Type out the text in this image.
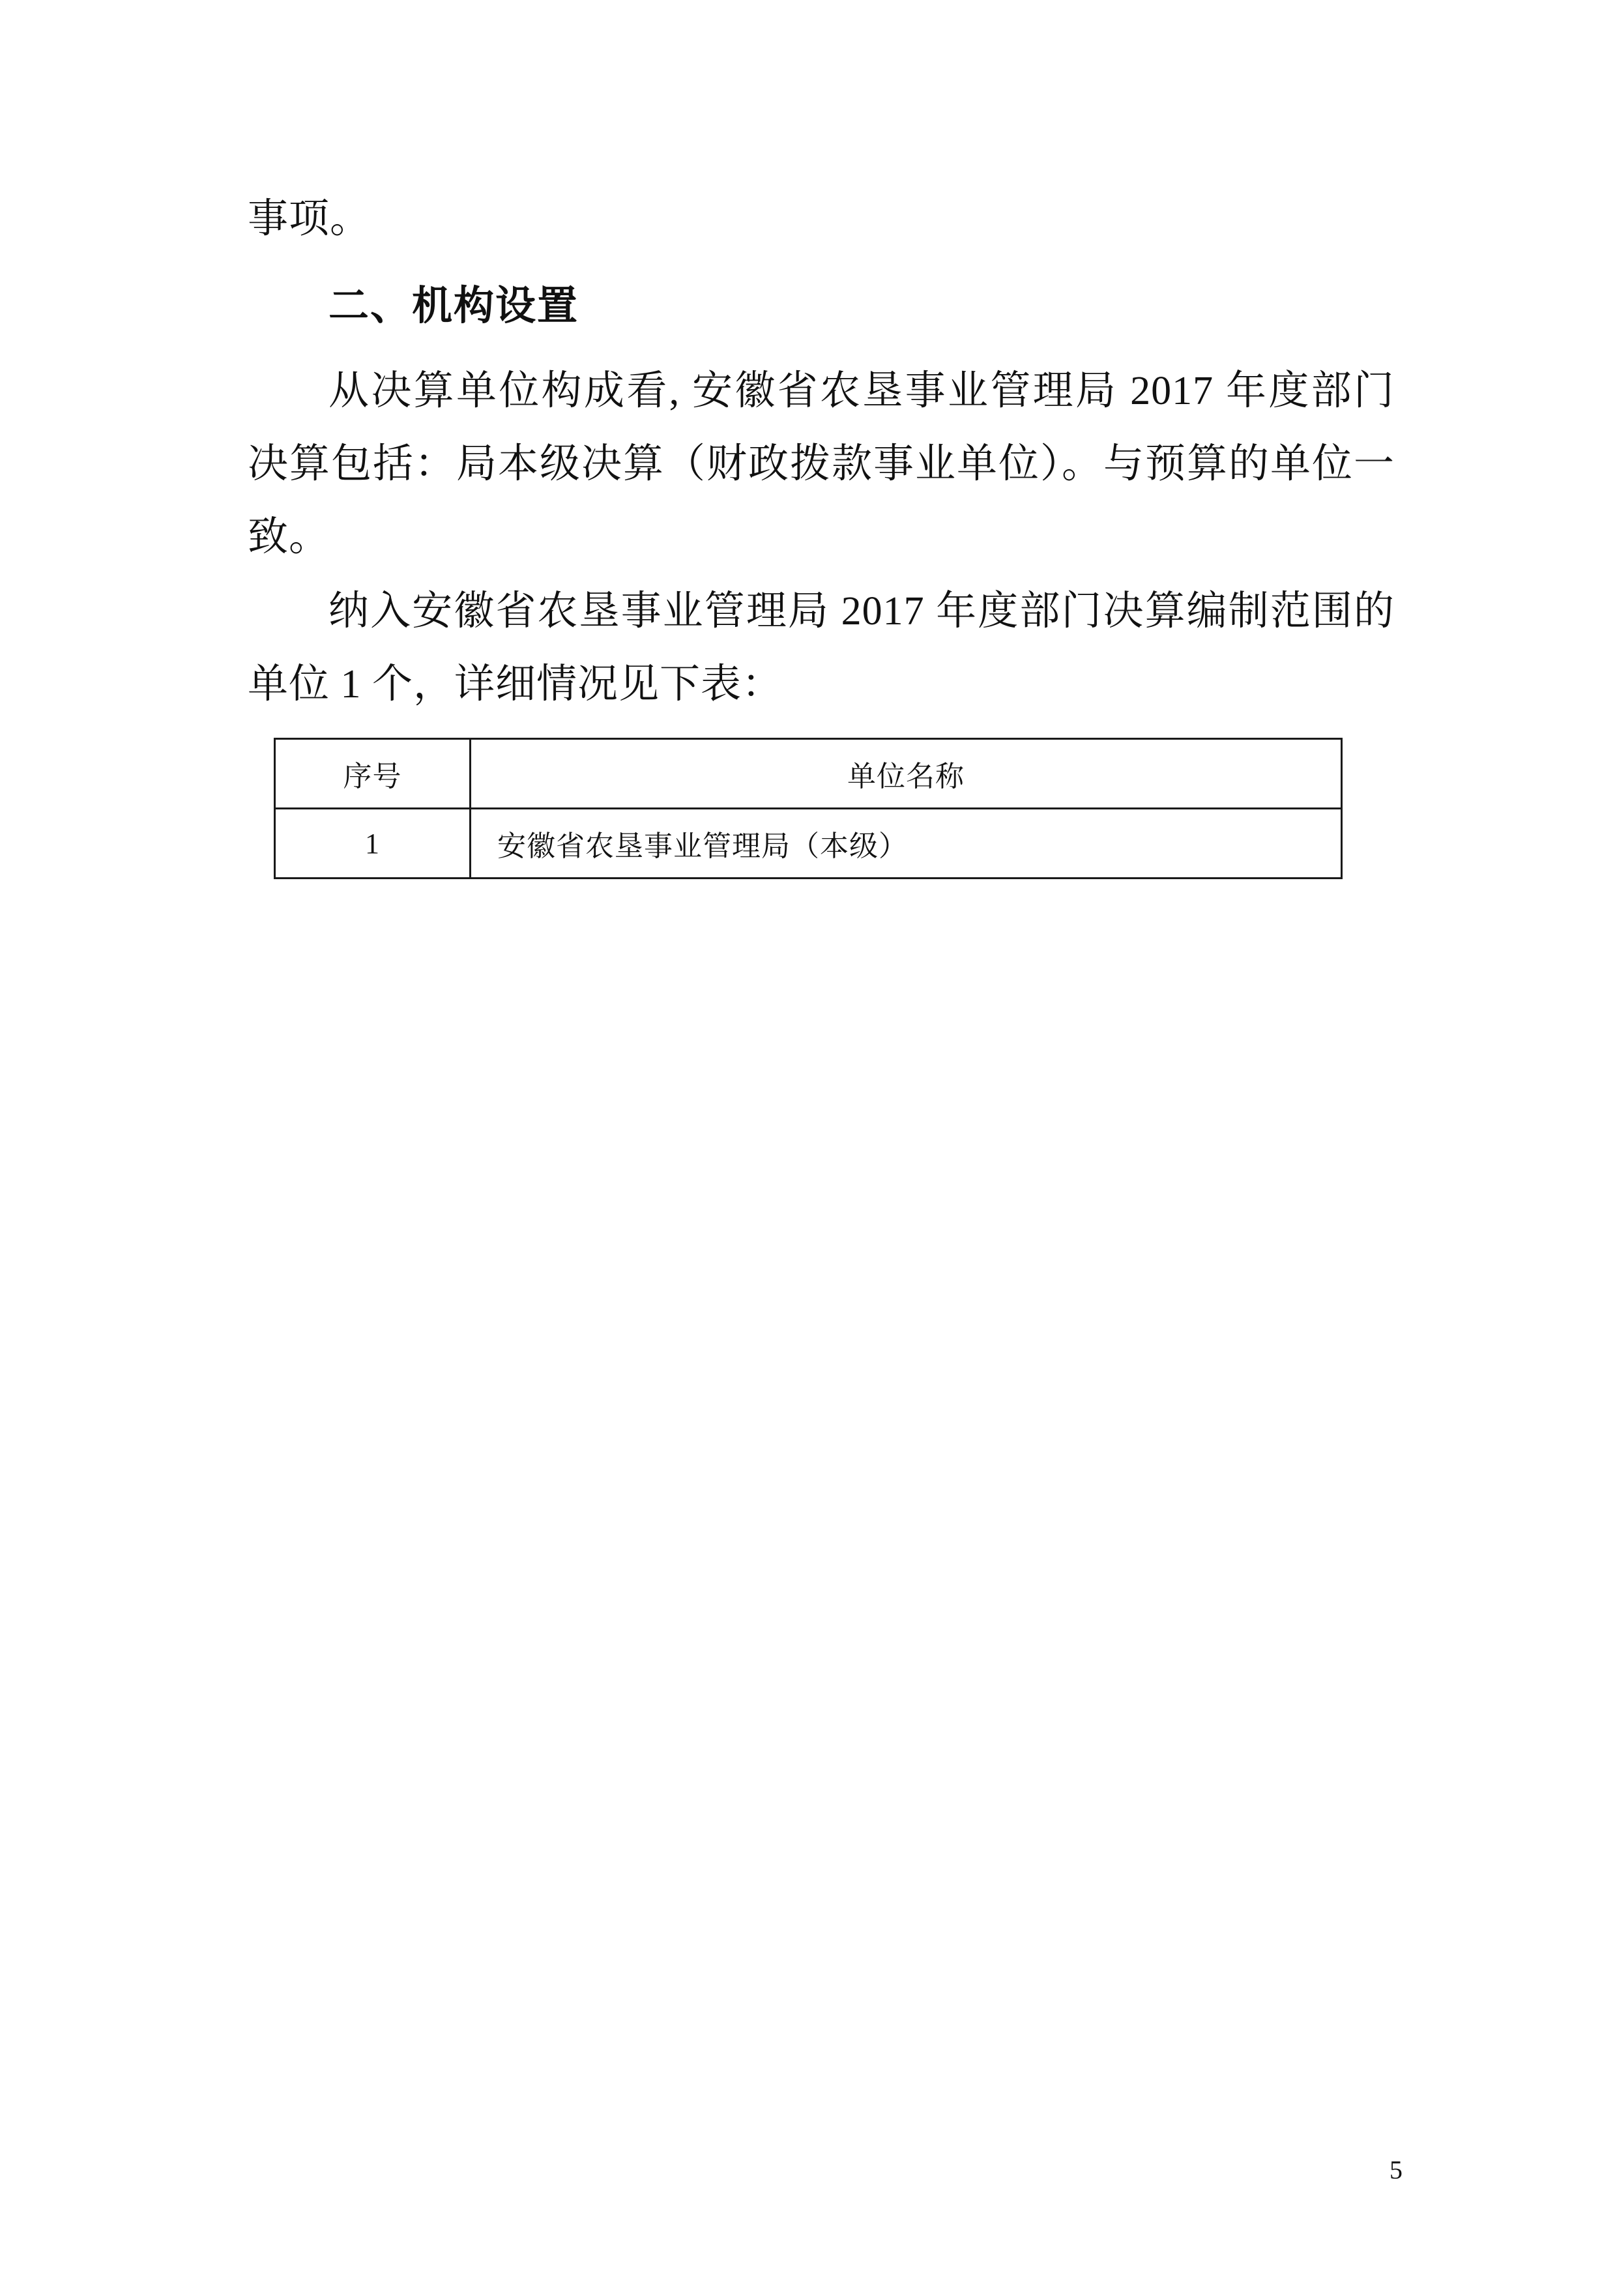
事项。

二、机构设置

从决算单位构成看, 安徽省农垦事业管理局 2017 年度部门决算包括：局本级决算（财政拨款事业单位）。与预算的单位一致。

纳入安徽省农垦事业管理局 2017 年度部门决算编制范围的单位 1 个，详细情况见下表：

序号	单位名称
1	安徽省农垦事业管理局（本级）
5
